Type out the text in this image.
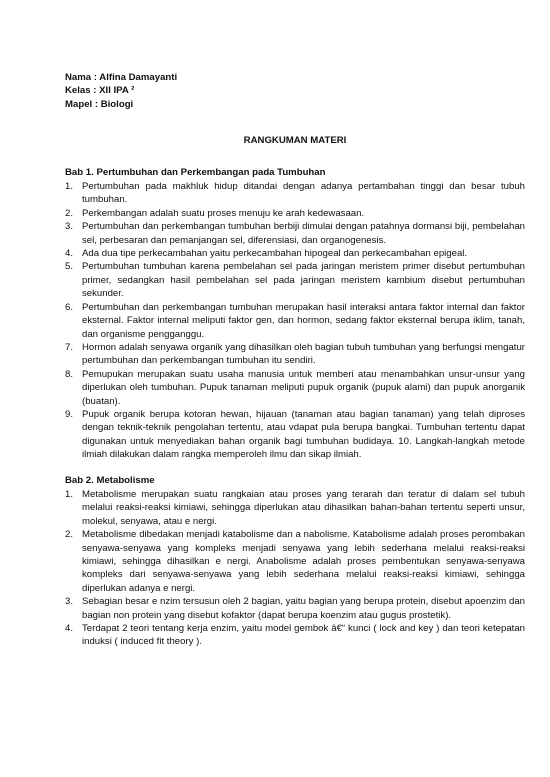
Nama : Alfina Damayanti

Kelas : XII IPA ²

Mapel : Biologi

RANGKUMAN MATERI

Bab 1. Pertumbuhan dan Perkembangan pada Tumbuhan

1. Pertumbuhan pada makhluk hidup ditandai dengan adanya pertambahan tinggi dan besar tubuh tumbuhan.
2. Perkembangan adalah suatu proses menuju ke arah kedewasaan.
3. Pertumbuhan dan perkembangan tumbuhan berbiji dimulai dengan patahnya dormansi biji, pembelahan sel, perbesaran dan pemanjangan sel, diferensiasi, dan organogenesis.
4. Ada dua tipe perkecambahan yaitu perkecambahan hipogeal dan perkecambahan epigeal.
5. Pertumbuhan tumbuhan karena pembelahan sel pada jaringan meristem primer disebut pertumbuhan primer, sedangkan hasil pembelahan sel pada jaringan meristem kambium disebut pertumbuhan sekunder.
6. Pertumbuhan dan perkembangan tumbuhan merupakan hasil interaksi antara faktor internal dan faktor eksternal. Faktor internal meliputi faktor gen, dan hormon, sedang faktor eksternal berupa iklim, tanah, dan organisme pengganggu.
7. Hormon adalah senyawa organik yang dihasilkan oleh bagian tubuh tumbuhan yang berfungsi mengatur pertumbuhan dan perkembangan tumbuhan itu sendiri.
8. Pemupukan merupakan suatu usaha manusia untuk memberi atau menambahkan unsur-unsur yang diperlukan oleh tumbuhan. Pupuk tanaman meliputi pupuk organik (pupuk alami) dan pupuk anorganik (buatan).
9. Pupuk organik berupa kotoran hewan, hijauan (tanaman atau bagian tanaman) yang telah diproses dengan teknik-teknik pengolahan tertentu, atau vdapat pula berupa bangkai. Tumbuhan tertentu dapat digunakan untuk menyediakan bahan organik bagi tumbuhan budidaya. 10. Langkah-langkah metode ilmiah dilakukan dalam rangka memperoleh ilmu dan sikap ilmiah.

Bab 2. Metabolisme

1. Metabolisme merupakan suatu rangkaian atau proses yang terarah dan teratur di dalam sel tubuh melalui reaksi-reaksi kimiawi, sehingga diperlukan atau dihasilkan bahan-bahan tertentu seperti unsur, molekul, senyawa, atau e nergi.
2. Metabolisme dibedakan menjadi katabolisme dan a nabolisme. Katabolisme adalah proses perombakan senyawa-senyawa yang kompleks menjadi senyawa yang lebih sederhana melalui reaksi-reaksi kimiawi, sehingga dihasilkan e nergi. Anabolisme adalah proses pembentukan senyawa-senyawa kompleks dari senyawa-senyawa yang lebih sederhana melalui reaksi-reaksi kimiawi, sehingga diperlukan adanya e nergi.
3. Sebagian besar e nzim tersusun oleh 2 bagian, yaitu bagian yang berupa protein, disebut apoenzim dan bagian non protein yang disebut kofaktor (dapat berupa koenzim atau gugus prostetik).
4. Terdapat 2 teori tentang kerja enzim, yaitu model gembok â€“ kunci ( lock and key ) dan teori ketepatan induksi ( induced fit theory ).
